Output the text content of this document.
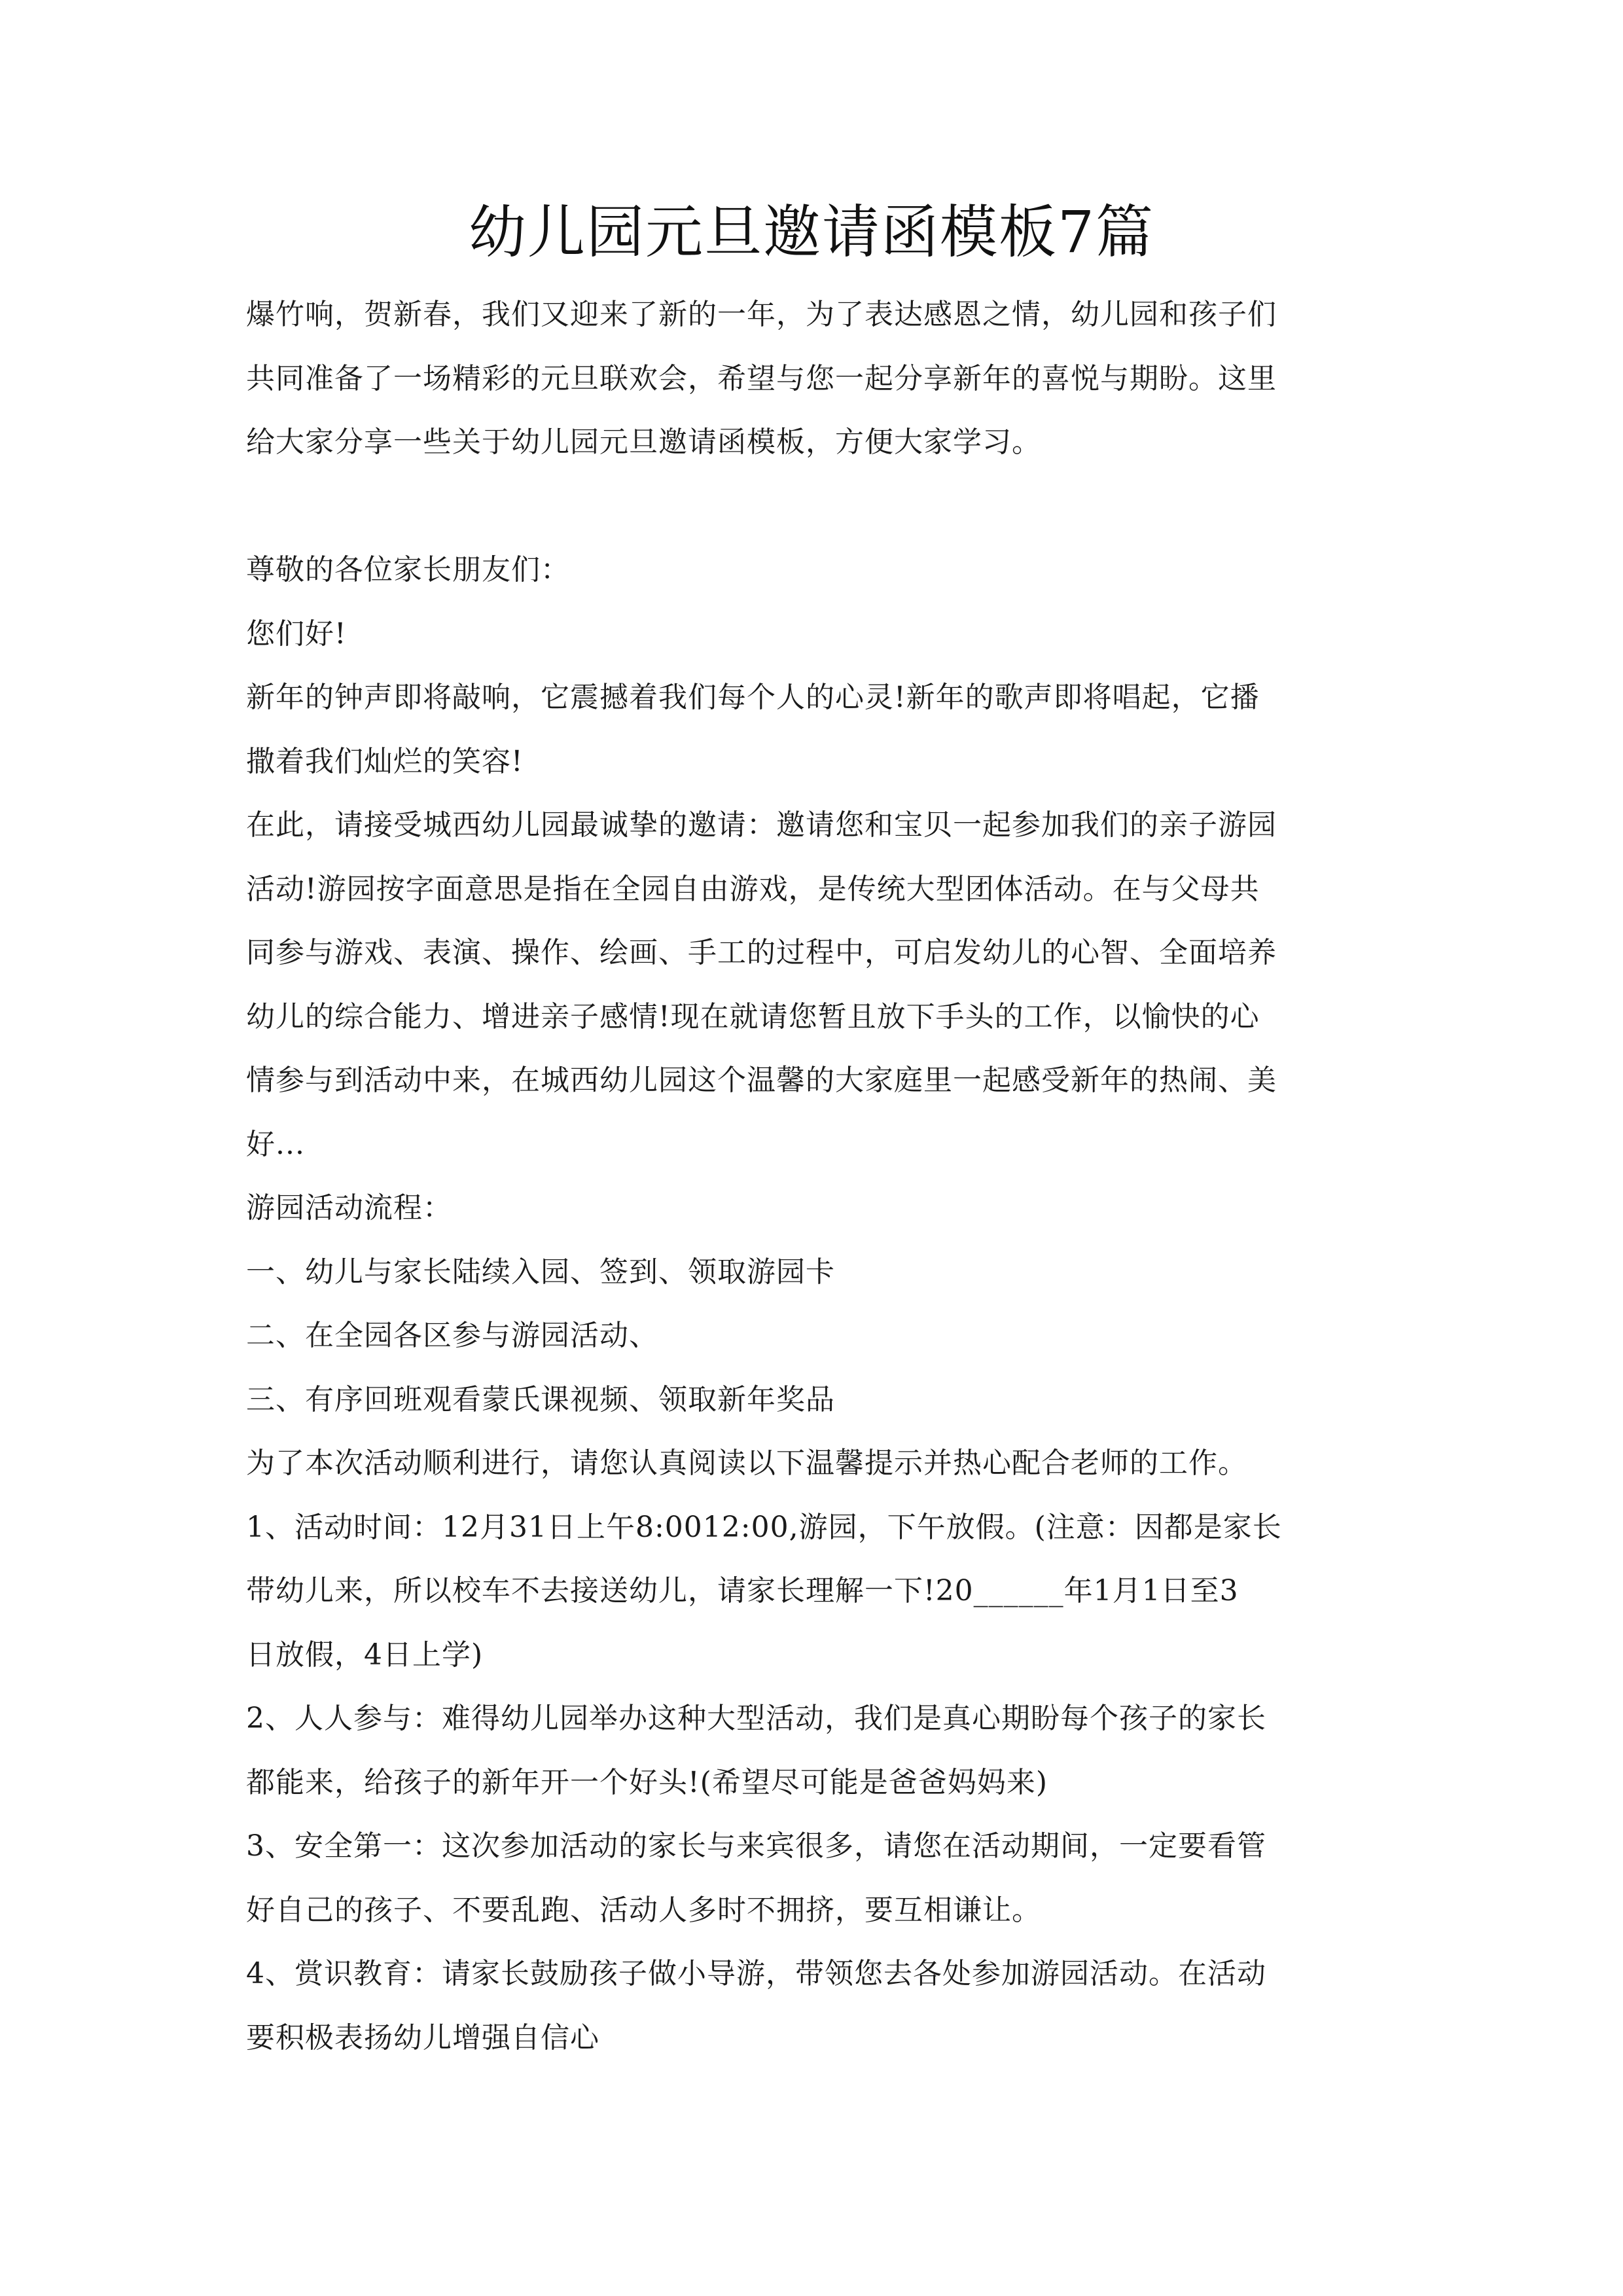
幼儿园元旦邀请函模板7篇
爆竹响，贺新春，我们又迎来了新的一年，为了表达感恩之情，幼儿园和孩子们
共同准备了一场精彩的元旦联欢会，希望与您一起分享新年的喜悦与期盼。这里
给大家分享一些关于幼儿园元旦邀请函模板，方便大家学习。
尊敬的各位家长朋友们：
您们好!
新年的钟声即将敲响，它震撼着我们每个人的心灵!新年的歌声即将唱起，它播
撒着我们灿烂的笑容!
在此，请接受城西幼儿园最诚挚的邀请：邀请您和宝贝一起参加我们的亲子游园
活动!游园按字面意思是指在全园自由游戏，是传统大型团体活动。在与父母共
同参与游戏、表演、操作、绘画、手工的过程中，可启发幼儿的心智、全面培养
幼儿的综合能力、增进亲子感情!现在就请您暂且放下手头的工作，以愉快的心
情参与到活动中来，在城西幼儿园这个温馨的大家庭里一起感受新年的热闹、美
好...
游园活动流程：
一、幼儿与家长陆续入园、签到、领取游园卡
二、在全园各区参与游园活动、
三、有序回班观看蒙氏课视频、领取新年奖品
为了本次活动顺利进行，请您认真阅读以下温馨提示并热心配合老师的工作。
1、活动时间：12月31日上午8:0012:00,游园，下午放假。(注意：因都是家长
带幼儿来，所以校车不去接送幼儿，请家长理解一下!20______年1月1日至3
日放假，4日上学)
2、人人参与：难得幼儿园举办这种大型活动，我们是真心期盼每个孩子的家长
都能来，给孩子的新年开一个好头!(希望尽可能是爸爸妈妈来)
3、安全第一：这次参加活动的家长与来宾很多，请您在活动期间，一定要看管
好自己的孩子、不要乱跑、活动人多时不拥挤，要互相谦让。
4、赏识教育：请家长鼓励孩子做小导游，带领您去各处参加游园活动。在活动
要积极表扬幼儿增强自信心
